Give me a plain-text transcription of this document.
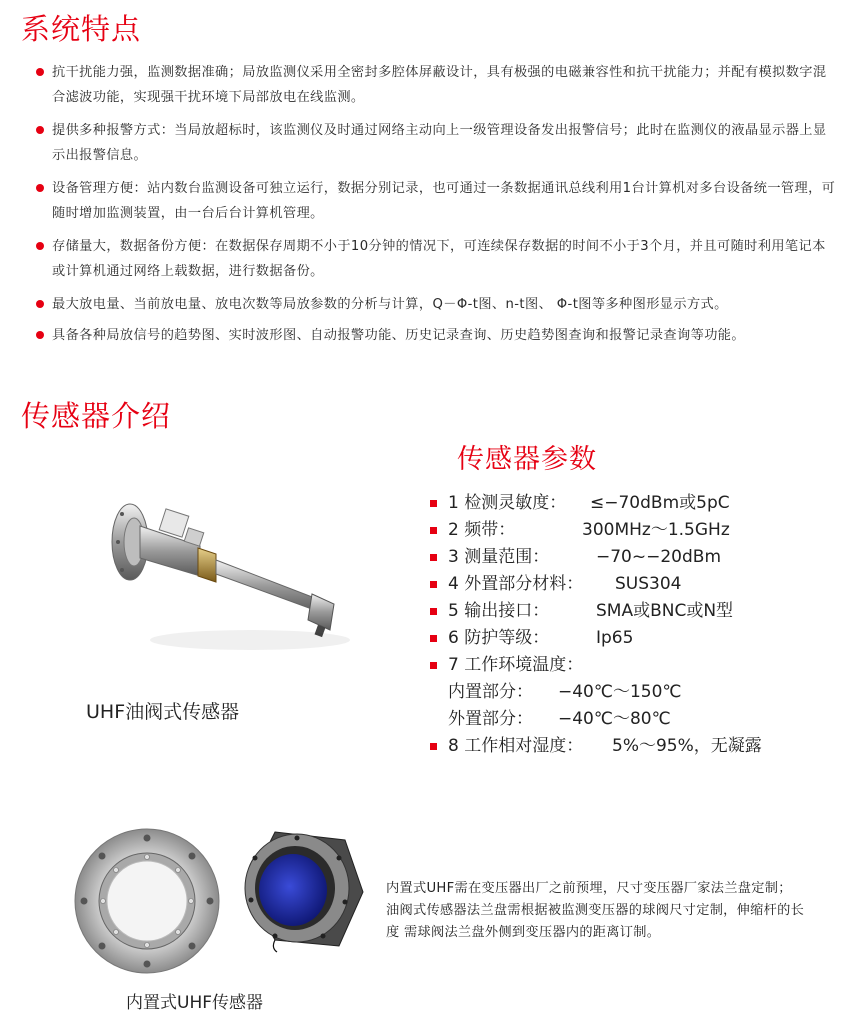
系统特点
抗干扰能力强，监测数据准确；局放监测仪采用全密封多腔体屏蔽设计，具有极强的电磁兼容性和抗干扰能力；并配有模拟数字混合滤波功能，实现强干扰环境下局部放电在线监测。
提供多种报警方式：当局放超标时，该监测仪及时通过网络主动向上一级管理设备发出报警信号；此时在监测仪的液晶显示器上显示出报警信息。
设备管理方便：站内数台监测设备可独立运行，数据分别记录，也可通过一条数据通讯总线利用1台计算机对多台设备统一管理，可随时增加监测装置，由一台后台计算机管理。
存储量大，数据备份方便：在数据保存周期不小于10分钟的情况下，可连续保存数据的时间不小于3个月，并且可随时利用笔记本或计算机通过网络上载数据，进行数据备份。
最大放电量、当前放电量、放电次数等局放参数的分析与计算，Q－Φ-t图、n-t图、 Φ-t图等多种图形显示方式。
具备各种局放信号的趋势图、实时波形图、自动报警功能、历史记录查询、历史趋势图查询和报警记录查询等功能。
传感器介绍
UHF油阀式传感器
传感器参数
1 检测灵敏度： ≤−70dBm或5pC
2 频带：	300MHz～1.5GHz
3 测量范围：	−70~−20dBm
4 外置部分材料： SUS304
5 输出接口：	SMA或BNC或N型
6 防护等级：	Ip65
7 工作环境温度：
内置部分： −40℃～150℃
外置部分： −40℃～80℃
8 工作相对湿度： 5%～95%，无凝露

内置式UHF需在变压器出厂之前预埋，尺寸变压器厂家法兰盘定制；

油阀式传感器法兰盘需根据被监测变压器的球阀尺寸定制，伸缩杆的长度 需球阀法兰盘外侧到变压器内的距离订制。

内置式UHF传感器
